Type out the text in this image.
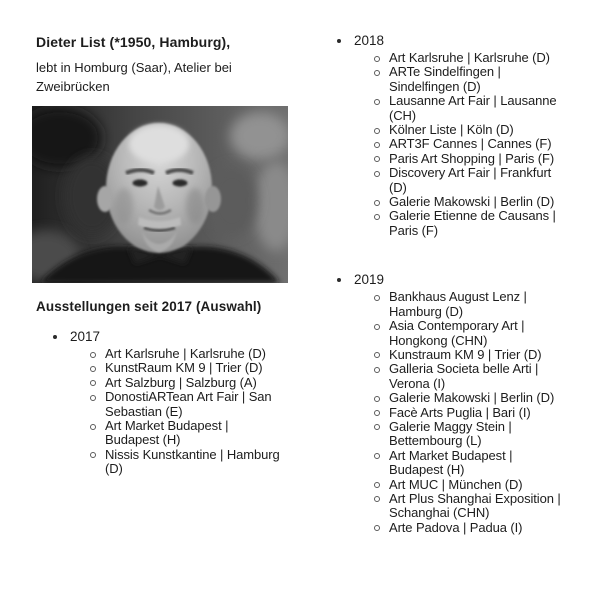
Dieter List (*1950, Hamburg),
lebt in Homburg (Saar), Atelier bei Zweibrücken
Ausstellungen seit 2017 (Auswahl)
2017
Art Karlsruhe | Karlsruhe (D)
KunstRaum KM 9 | Trier (D)
Art Salzburg | Salzburg (A)
DonostiARTean Art Fair | San Sebastian (E)
Art Market Budapest | Budapest (H)
Nissis Kunstkantine | Hamburg (D)
2018
Art Karlsruhe | Karlsruhe (D)
ARTe Sindelfingen | Sindelfingen (D)
Lausanne Art Fair | Lausanne (CH)
Kölner Liste | Köln (D)
ART3F Cannes | Cannes (F)
Paris Art Shopping | Paris (F)
Discovery Art Fair | Frankfurt (D)
Galerie Makowski | Berlin (D)
Galerie Etienne de Causans | Paris (F)
2019
Bankhaus August Lenz | Hamburg (D)
Asia Contemporary Art | Hongkong (CHN)
Kunstraum KM 9 | Trier (D)
Galleria Societa belle Arti | Verona (I)
Galerie Makowski | Berlin (D)
Facè Arts Puglia | Bari (I)
Galerie Maggy Stein | Bettembourg (L)
Art Market Budapest | Budapest (H)
Art MUC | München (D)
Art Plus Shanghai Exposition | Schanghai (CHN)
Arte Padova | Padua (I)
